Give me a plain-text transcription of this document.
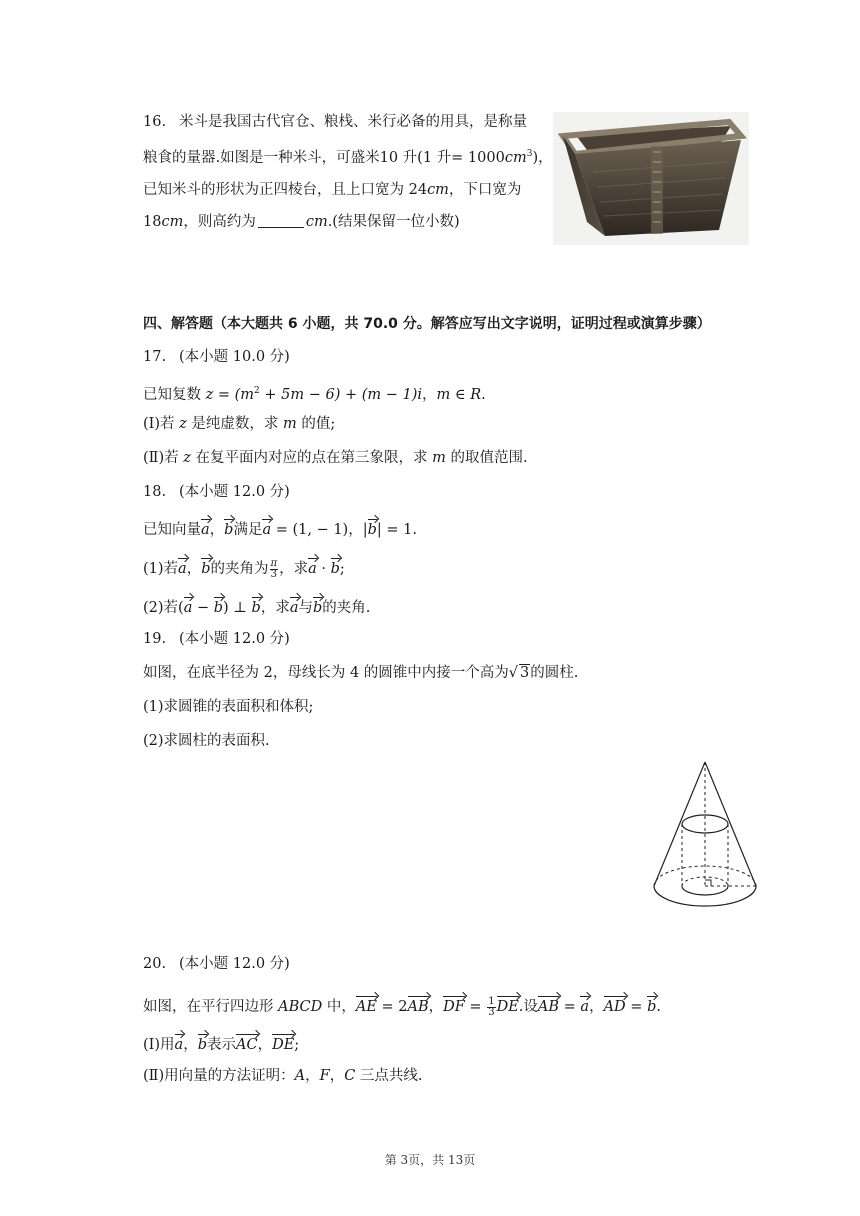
16. 米斗是我国古代官仓、粮栈、米行必备的用具，是称量
粮食的量器.如图是一种米斗，可盛米10 升(1 升= $1000cm^3$)，
已知米斗的形状为正四棱台，且上口宽为 24cm，下口宽为
18cm，则高约为	cm.(结果保留一位小数)
四、解答题（本大题共 6 小题，共 70.0 分。解答应写出文字说明，证明过程或演算步骤）
17. (本小题 10.0 分)
已知复数 $z = (m^2 + 5m - 6) + (m - 1)i$，m ∈ R.
(Ⅰ)若 z 是纯虚数，求 m 的值;
(Ⅱ)若 z 在复平面内对应的点在第三象限，求 m 的取值范围.
18. (本小题 12.0 分)
已知向量a，b满足a = (1, − 1)，|b| = 1.
(1)若a，b的夹角为 $\frac{\pi}{3}$ ，求a · b;
(2)若(a − b) ⊥ b，求a与b的夹角.
19. (本小题 12.0 分)
如图，在底半径为 2，母线长为 4 的圆锥中内接一个高为√ 3的圆柱.
(1)求圆锥的表面积和体积;
(2)求圆柱的表面积.
20. (本小题 12.0 分)
如图，在平行四边形 ABCD 中，AE = 2AB，DF = $\frac{1}{3}$ DE.设AB = a，AD = b.
(Ⅰ)用a，b表示AC，DE;
(Ⅱ)用向量的方法证明：A，F，C 三点共线.
第 3页，共 13页
